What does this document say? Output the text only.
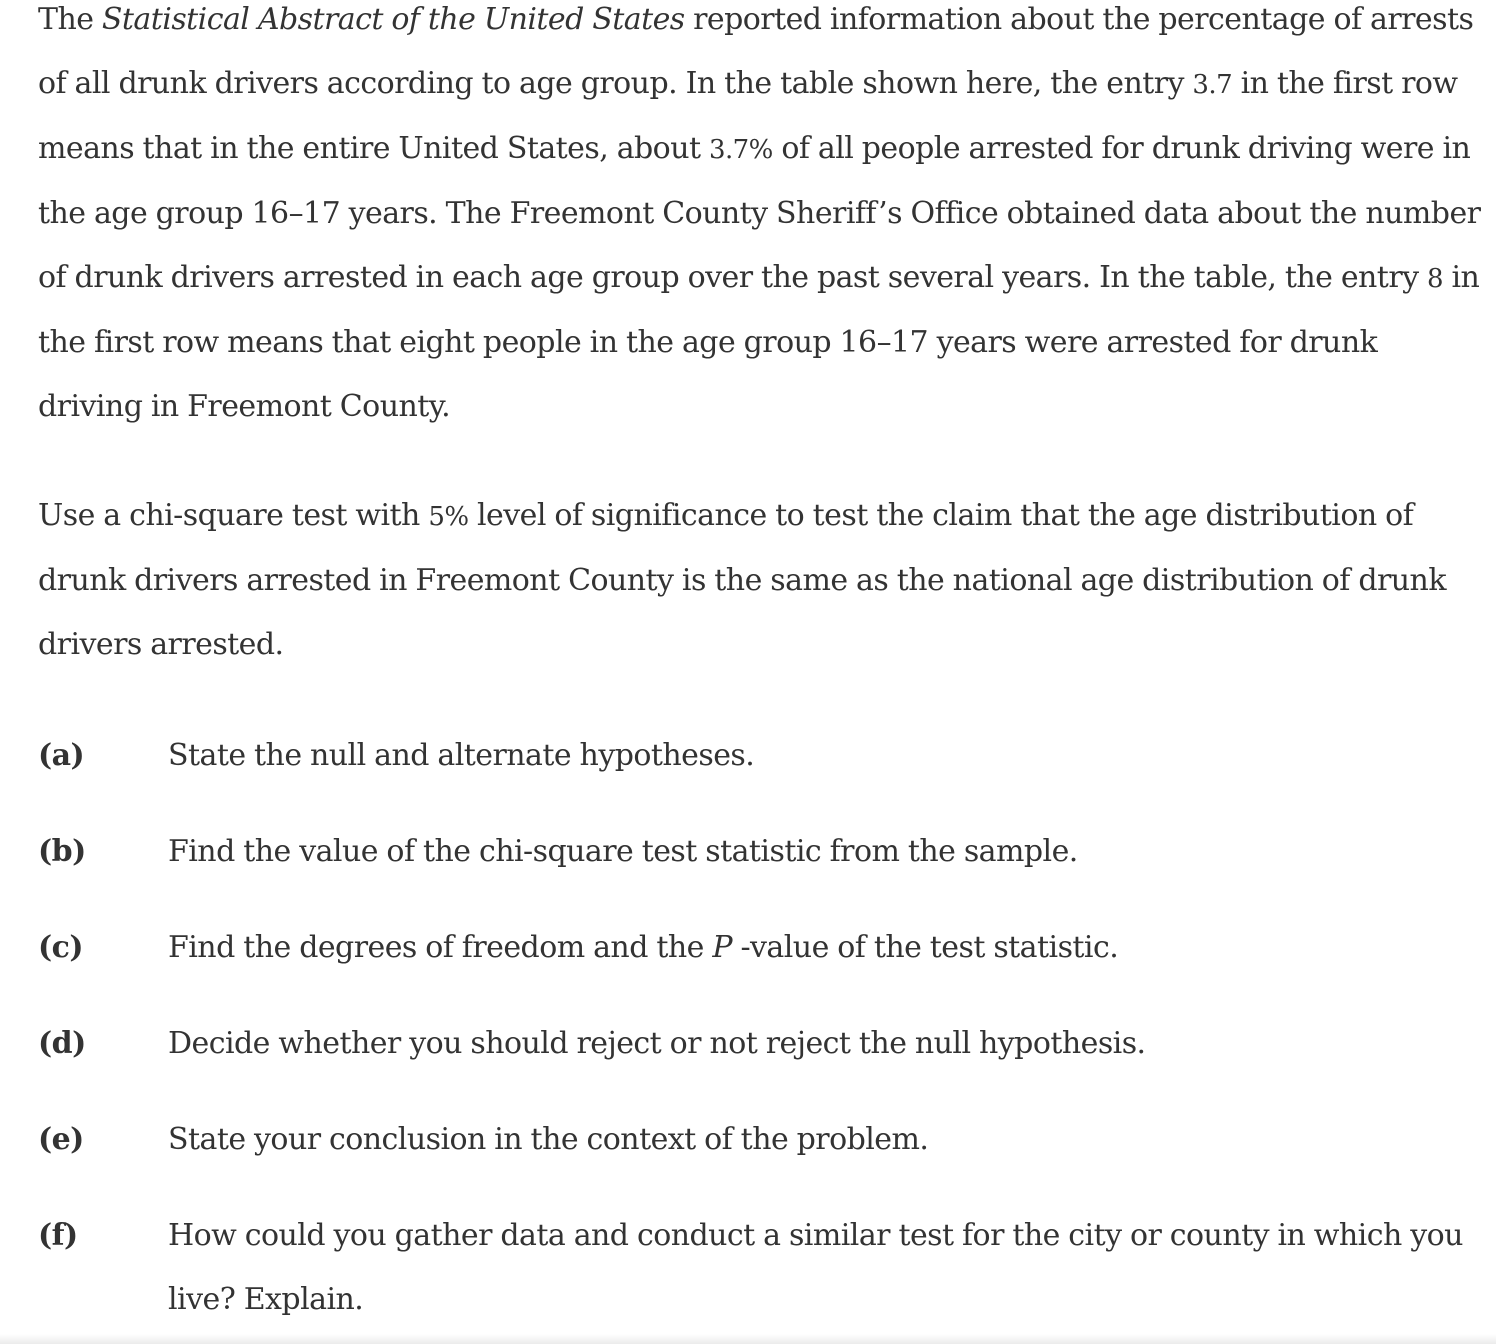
The Statistical Abstract of the United States reported information about the percentage of arrests of all drunk drivers according to age group. In the table shown here, the entry 3.7 in the first row means that in the entire United States, about 3.7% of all people arrested for drunk driving were in the age group 16–17 years. The Freemont County Sheriff’s Office obtained data about the number of drunk drivers arrested in each age group over the past several years. In the table, the entry 8 in the first row means that eight people in the age group 16–17 years were arrested for drunk driving in Freemont County.

Use a chi-square test with 5% level of significance to test the claim that the age distribution of drunk drivers arrested in Freemont County is the same as the national age distribution of drunk drivers arrested.

(a)	State the null and alternate hypotheses.
(b)	Find the value of the chi-square test statistic from the sample.
(c)	Find the degrees of freedom and the P -value of the test statistic.
(d)	Decide whether you should reject or not reject the null hypothesis.
(e)	State your conclusion in the context of the problem.
(f)	How could you gather data and conduct a similar test for the city or county in which you live? Explain.
